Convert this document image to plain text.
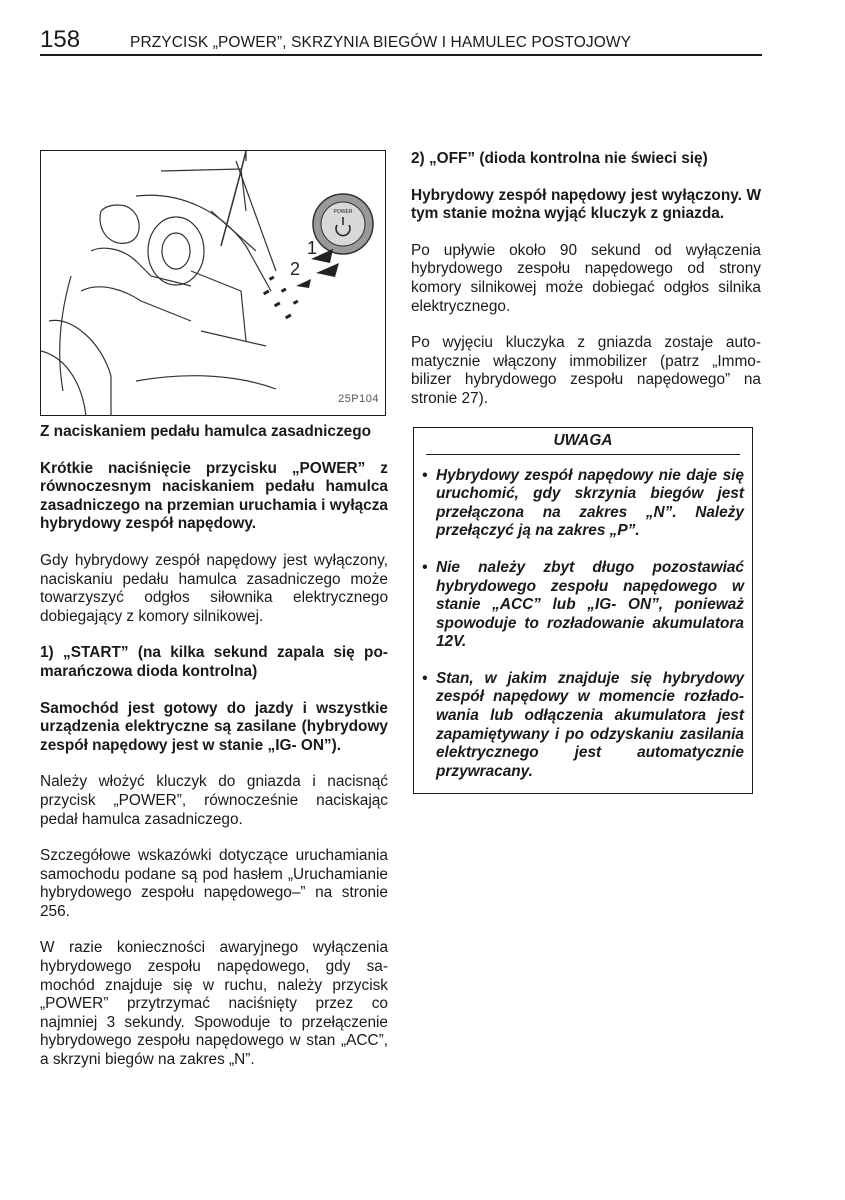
158	PRZYCISK „POWER”, SKRZYNIA BIEGÓW I HAMULEC POSTOJOWY
POWER
1
2
25P104

Z naciskaniem pedału hamulca zasadniczego

Krótkie naciśnięcie przycisku „POWER” z równoczesnym naciskaniem pedału hamulca zasadniczego na przemian uruchamia i wyłącza hybrydowy zespół napędowy.

Gdy hybrydowy zespół napędowy jest wyłączony, naciskaniu pedału hamulca zasadniczego może towarzyszyć odgłos siłownika elektrycznego dobiegający z komory silnikowej.

1) „START” (na kilka sekund zapala się pomarańczowa dioda kontrolna)

Samochód jest gotowy do jazdy i wszystkie urządzenia elektryczne są zasilane (hybrydowy zespół napędowy jest w stanie „IG- ON”).

Należy włożyć kluczyk do gniazda i nacisnąć przycisk „POWER”, równocześnie naciskając pedał hamulca zasadniczego.

Szczegółowe wskazówki dotyczące uruchamiania samochodu podane są pod hasłem „Uruchamianie hybrydowego zespołu napędowego–” na stronie 256.

W razie konieczności awaryjnego wyłączenia hybrydowego zespołu napędowego, gdy samochód znajduje się w ruchu, należy przycisk „POWER” przytrzymać naciśnięty przez co najmniej 3 sekundy. Spowoduje to przełączenie hybrydowego zespołu napędowego w stan „ACC”, a skrzyni biegów na zakres „N”.

2) „OFF” (dioda kontrolna nie świeci się)

Hybrydowy zespół napędowy jest wyłączony. W tym stanie można wyjąć kluczyk z gniazda.

Po upływie około 90 sekund od wyłączenia hybrydowego zespołu napędowego od strony komory silnikowej może dobiegać odgłos silnika elektrycznego.

Po wyjęciu kluczyka z gniazda zostaje automatycznie włączony immobilizer (patrz „Immobilizer hybrydowego zespołu napędowego” na stronie 27).

UWAGA

• Hybrydowy zespół napędowy nie daje się uruchomić, gdy skrzynia biegów jest przełączona na zakres „N”. Należy przełączyć ją na zakres „P”.

• Nie należy zbyt długo pozostawiać hybrydowego zespołu napędowego w stanie „ACC” lub „IG- ON”, ponieważ spowoduje to rozładowanie akumulatora 12V.

• Stan, w jakim znajduje się hybrydowy zespół napędowy w momencie rozładowania lub odłączenia akumulatora jest zapamiętywany i po odzyskaniu zasilania elektrycznego jest automatycznie przywracany.
